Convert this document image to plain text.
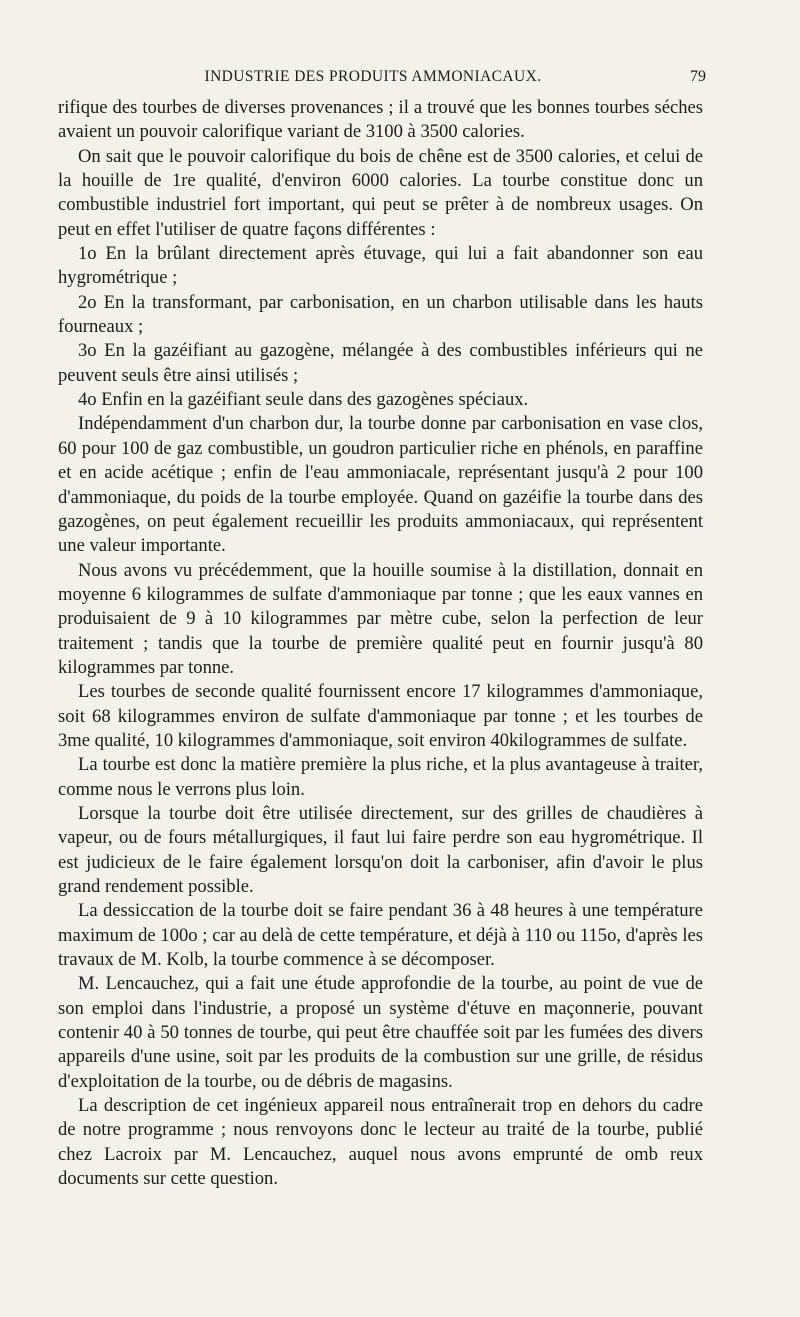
INDUSTRIE DES PRODUITS AMMONIACAUX.	79

rifique des tourbes de diverses provenances ; il a trouvé que les bonnes tourbes séches avaient un pouvoir calorifique variant de 3100 à 3500 calories.

On sait que le pouvoir calorifique du bois de chêne est de 3500 calories, et celui de la houille de 1re qualité, d'environ 6000 calories. La tourbe constitue donc un combustible industriel fort important, qui peut se prêter à de nombreux usages. On peut en effet l'utiliser de quatre façons différentes :

1o En la brûlant directement après étuvage, qui lui a fait abandonner son eau hygrométrique ;

2o En la transformant, par carbonisation, en un charbon utilisable dans les hauts fourneaux ;

3o En la gazéifiant au gazogène, mélangée à des combustibles inférieurs qui ne peuvent seuls être ainsi utilisés ;

4o Enfin en la gazéifiant seule dans des gazogènes spéciaux.

Indépendamment d'un charbon dur, la tourbe donne par carbonisation en vase clos, 60 pour 100 de gaz combustible, un goudron particulier riche en phénols, en paraffine et en acide acétique ; enfin de l'eau ammoniacale, représentant jusqu'à 2 pour 100 d'ammoniaque, du poids de la tourbe employée. Quand on gazéifie la tourbe dans des gazogènes, on peut également recueillir les produits ammoniacaux, qui représentent une valeur importante.

Nous avons vu précédemment, que la houille soumise à la distillation, donnait en moyenne 6 kilogrammes de sulfate d'ammoniaque par tonne ; que les eaux vannes en produisaient de 9 à 10 kilogrammes par mètre cube, selon la perfection de leur traitement ; tandis que la tourbe de première qualité peut en fournir jusqu'à 80 kilogrammes par tonne.

Les tourbes de seconde qualité fournissent encore 17 kilogrammes d'ammoniaque, soit 68 kilogrammes environ de sulfate d'ammoniaque par tonne ; et les tourbes de 3me qualité, 10 kilogrammes d'ammoniaque, soit environ 40kilogrammes de sulfate.

La tourbe est donc la matière première la plus riche, et la plus avantageuse à traiter, comme nous le verrons plus loin.

Lorsque la tourbe doit être utilisée directement, sur des grilles de chaudières à vapeur, ou de fours métallurgiques, il faut lui faire perdre son eau hygrométrique. Il est judicieux de le faire également lorsqu'on doit la carboniser, afin d'avoir le plus grand rendement possible.

La dessiccation de la tourbe doit se faire pendant 36 à 48 heures à une température maximum de 100o ; car au delà de cette température, et déjà à 110 ou 115o, d'après les travaux de M. Kolb, la tourbe commence à se décomposer.

M. Lencauchez, qui a fait une étude approfondie de la tourbe, au point de vue de son emploi dans l'industrie, a proposé un système d'étuve en maçonnerie, pouvant contenir 40 à 50 tonnes de tourbe, qui peut être chauffée soit par les fumées des divers appareils d'une usine, soit par les produits de la combustion sur une grille, de résidus d'exploitation de la tourbe, ou de débris de magasins.

La description de cet ingénieux appareil nous entraînerait trop en dehors du cadre de notre programme ; nous renvoyons donc le lecteur au traité de la tourbe, publié chez Lacroix par M. Lencauchez, auquel nous avons emprunté de omb reux documents sur cette question.
